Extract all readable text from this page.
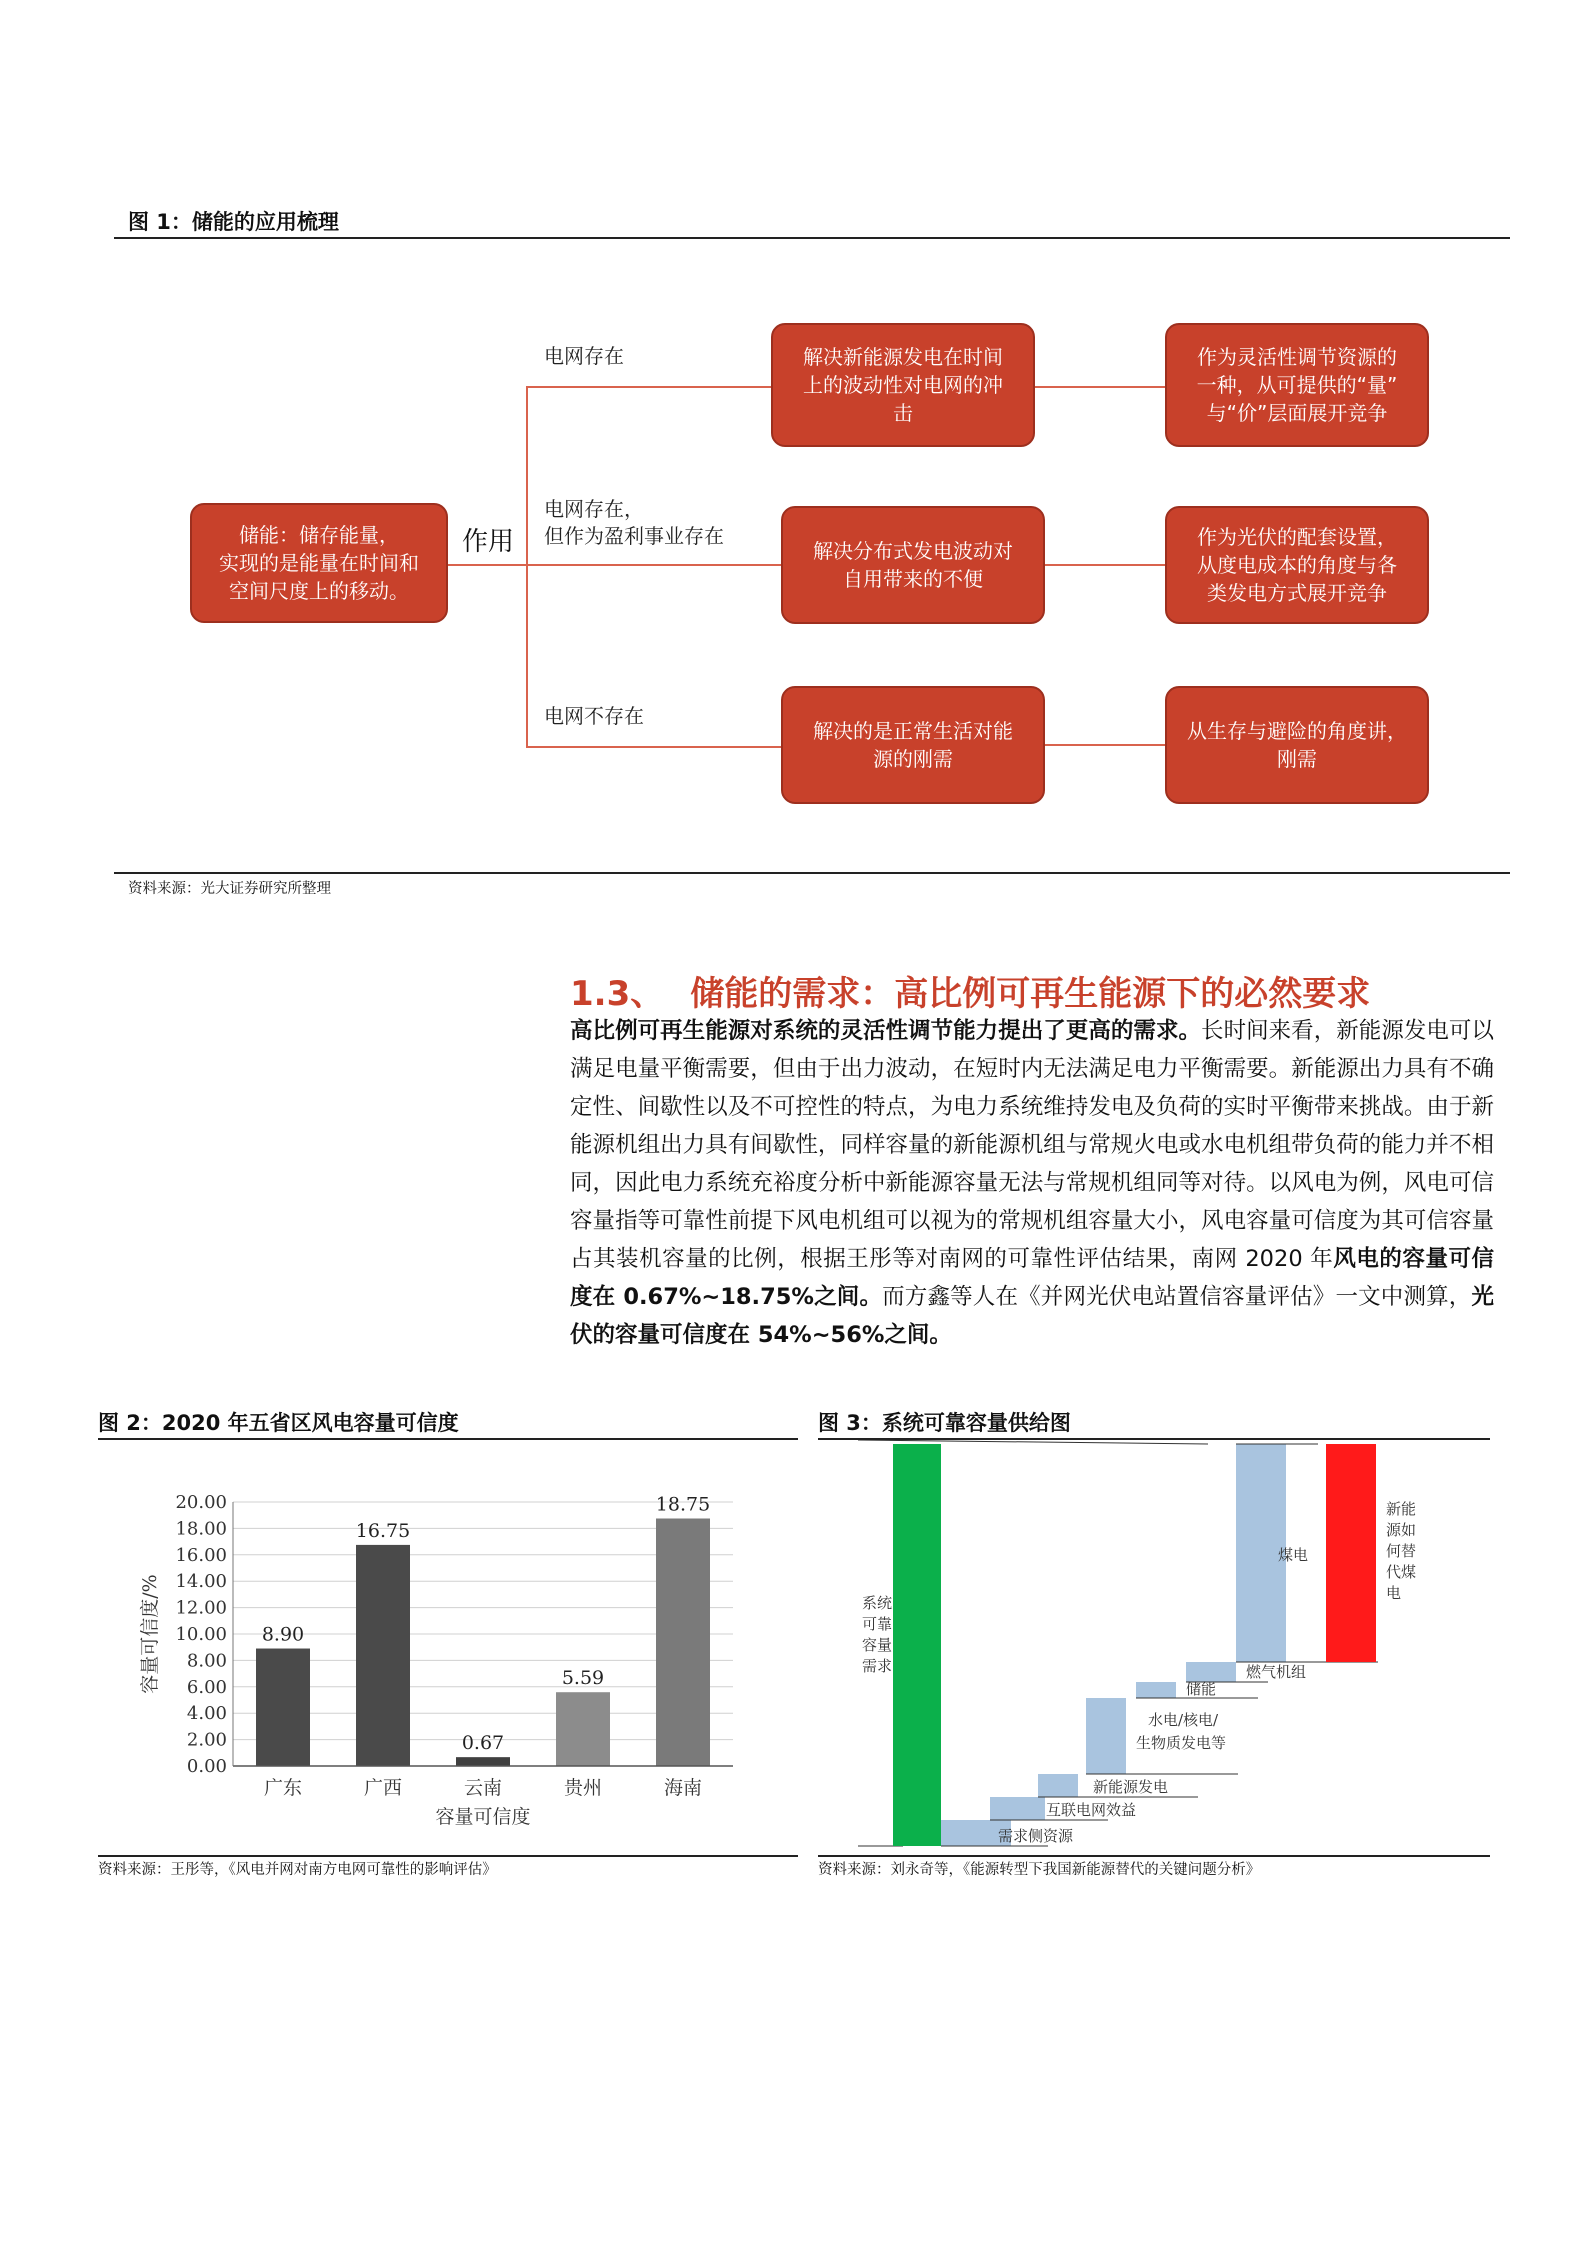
图 1：储能的应用梳理
储能：储存能量，
实现的是能量在时间和
空间尺度上的移动。
作用
电网存在	解决新能源发电在时间
上的波动性对电网的冲
击
作为灵活性调节资源的
一种，从可提供的“量”
与“价”层面展开竞争
电网存在，
但作为盈利事业存在
解决分布式发电波动对
自用带来的不便
作为光伏的配套设置，
从度电成本的角度与各
类发电方式展开竞争
电网不存在
解决的是正常生活对能
源的刚需
从生存与避险的角度讲，
刚需
资料来源：光大证券研究所整理
1.3、 储能的需求：高比例可再生能源下的必然要求
高比例可再生能源对系统的灵活性调节能力提出了更高的需求。长时间来看，新能源发电可以满足电量平衡需要，但由于出力波动，在短时内无法满足电力平衡需要。新能源出力具有不确定性、间歇性以及不可控性的特点，为电力系统维持发电及负荷的实时平衡带来挑战。由于新能源机组出力具有间歇性，同样容量的新能源机组与常规火电或水电机组带负荷的能力并不相同，因此电力系统充裕度分析中新能源容量无法与常规机组同等对待。以风电为例，风电可信容量指等可靠性前提下风电机组可以视为的常规机组容量大小，风电容量可信度为其可信容量占其装机容量的比例，根据王彤等对南网的可靠性评估结果，南网 2020 年风电的容量可信度在 0.67%~18.75%之间。而方鑫等人在《并网光伏电站置信容量评估》一文中测算，光伏的容量可信度在 54%~56%之间。
图 2：2020 年五省区风电容量可信度
0.00
2.00
4.00
6.00
8.00
10.00
12.00
14.00
16.00
18.00
20.00
8.90
16.75
0.67
5.59
18.75
广东	广西	云南	贵州	海南
容量可信度
容量可信度/%
资料来源：王彤等，《风电并网对南方电网可靠性的影响评估》
图 3：系统可靠容量供给图
系统 可靠 容量 需求
新能 源如 何替 代煤 电
需求侧资源
互联电网效益
新能源发电
水电/核电/
生物质发电等
储能
燃气机组
煤电
资料来源：刘永奇等，《能源转型下我国新能源替代的关键问题分析》
